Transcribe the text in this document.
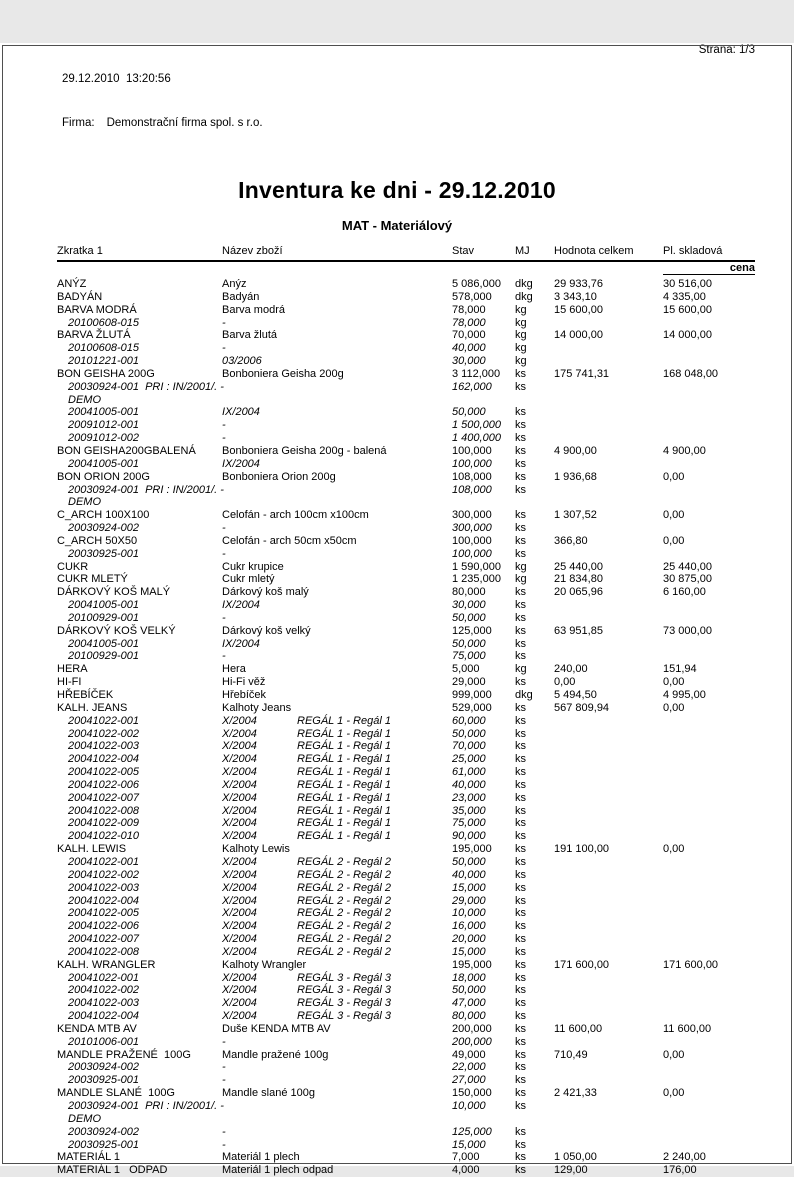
29.12.2010  13:20:56

Firma: Demonstrační firma spol. s r.o.

Strana: 1/3
Inventura ke dni - 29.12.2010
MAT - Materiálový
Zkratka 1	Název zboží		Stav	MJ	Hodnota celkem	Pl. skladová
						cena
ANÝZ	Anýz		5 086,000	dkg	29 933,76	30 516,00
BADYÁN	Badyán		578,000	dkg	3 343,10	4 335,00
BARVA MODRÁ	Barva modrá		78,000	kg	15 600,00	15 600,00
20100608-015	-		78,000	kg		
BARVA ŽLUTÁ	Barva žlutá		70,000	kg	14 000,00	14 000,00
20100608-015	-		40,000	kg		
20101221-001	03/2006		30,000	kg		
BON GEISHA 200G	Bonboniera Geisha 200g		3 112,000	ks	175 741,31	168 048,00
20030924-001  PRI : IN/2001/. -			162,000	ks		
DEMO						
20041005-001	IX/2004		50,000	ks		
20091012-001	-		1 500,000	ks		
20091012-002	-		1 400,000	ks		
BON GEISHA200GBALENÁ	Bonboniera Geisha 200g - balená		100,000	ks	4 900,00	4 900,00
20041005-001	IX/2004		100,000	ks		
BON ORION 200G	Bonboniera Orion 200g		108,000	ks	1 936,68	0,00
20030924-001  PRI : IN/2001/. -			108,000	ks		
DEMO						
C_ARCH 100X100	Celofán - arch 100cm x100cm		300,000	ks	1 307,52	0,00
20030924-002	-		300,000	ks		
C_ARCH 50X50	Celofán - arch 50cm x50cm		100,000	ks	366,80	0,00
20030925-001	-		100,000	ks		
CUKR	Cukr krupice		1 590,000	kg	25 440,00	25 440,00
CUKR MLETÝ	Cukr mletý		1 235,000	kg	21 834,80	30 875,00
DÁRKOVÝ KOŠ MALÝ	Dárkový koš malý		80,000	ks	20 065,96	6 160,00
20041005-001	IX/2004		30,000	ks		
20100929-001	-		50,000	ks		
DÁRKOVÝ KOŠ VELKÝ	Dárkový koš velký		125,000	ks	63 951,85	73 000,00
20041005-001	IX/2004		50,000	ks		
20100929-001	-		75,000	ks		
HERA	Hera		5,000	kg	240,00	151,94
HI-FI	Hi-Fi věž		29,000	ks	0,00	0,00
HŘEBÍČEK	Hřebíček		999,000	dkg	5 494,50	4 995,00
KALH. JEANS	Kalhoty Jeans		529,000	ks	567 809,94	0,00
20041022-001	X/2004	REGÁL 1 - Regál 1	60,000	ks		
20041022-002	X/2004	REGÁL 1 - Regál 1	50,000	ks		
20041022-003	X/2004	REGÁL 1 - Regál 1	70,000	ks		
20041022-004	X/2004	REGÁL 1 - Regál 1	25,000	ks		
20041022-005	X/2004	REGÁL 1 - Regál 1	61,000	ks		
20041022-006	X/2004	REGÁL 1 - Regál 1	40,000	ks		
20041022-007	X/2004	REGÁL 1 - Regál 1	23,000	ks		
20041022-008	X/2004	REGÁL 1 - Regál 1	35,000	ks		
20041022-009	X/2004	REGÁL 1 - Regál 1	75,000	ks		
20041022-010	X/2004	REGÁL 1 - Regál 1	90,000	ks		
KALH. LEWIS	Kalhoty Lewis		195,000	ks	191 100,00	0,00
20041022-001	X/2004	REGÁL 2 - Regál 2	50,000	ks		
20041022-002	X/2004	REGÁL 2 - Regál 2	40,000	ks		
20041022-003	X/2004	REGÁL 2 - Regál 2	15,000	ks		
20041022-004	X/2004	REGÁL 2 - Regál 2	29,000	ks		
20041022-005	X/2004	REGÁL 2 - Regál 2	10,000	ks		
20041022-006	X/2004	REGÁL 2 - Regál 2	16,000	ks		
20041022-007	X/2004	REGÁL 2 - Regál 2	20,000	ks		
20041022-008	X/2004	REGÁL 2 - Regál 2	15,000	ks		
KALH. WRANGLER	Kalhoty Wrangler		195,000	ks	171 600,00	171 600,00
20041022-001	X/2004	REGÁL 3 - Regál 3	18,000	ks		
20041022-002	X/2004	REGÁL 3 - Regál 3	50,000	ks		
20041022-003	X/2004	REGÁL 3 - Regál 3	47,000	ks		
20041022-004	X/2004	REGÁL 3 - Regál 3	80,000	ks		
KENDA MTB AV	Duše KENDA MTB AV		200,000	ks	11 600,00	11 600,00
20101006-001	-		200,000	ks		
MANDLE PRAŽENÉ  100G	Mandle pražené 100g		49,000	ks	710,49	0,00
20030924-002	-		22,000	ks		
20030925-001	-		27,000	ks		
MANDLE SLANÉ  100G	Mandle slané 100g		150,000	ks	2 421,33	0,00
20030924-001  PRI : IN/2001/. -			10,000	ks		
DEMO						
20030924-002	-		125,000	ks		
20030925-001	-		15,000	ks		
MATERIÁL 1	Materiál 1 plech		7,000	ks	1 050,00	2 240,00
MATERIÁL 1   ODPAD	Materiál 1 plech odpad		4,000	ks	129,00	176,00
